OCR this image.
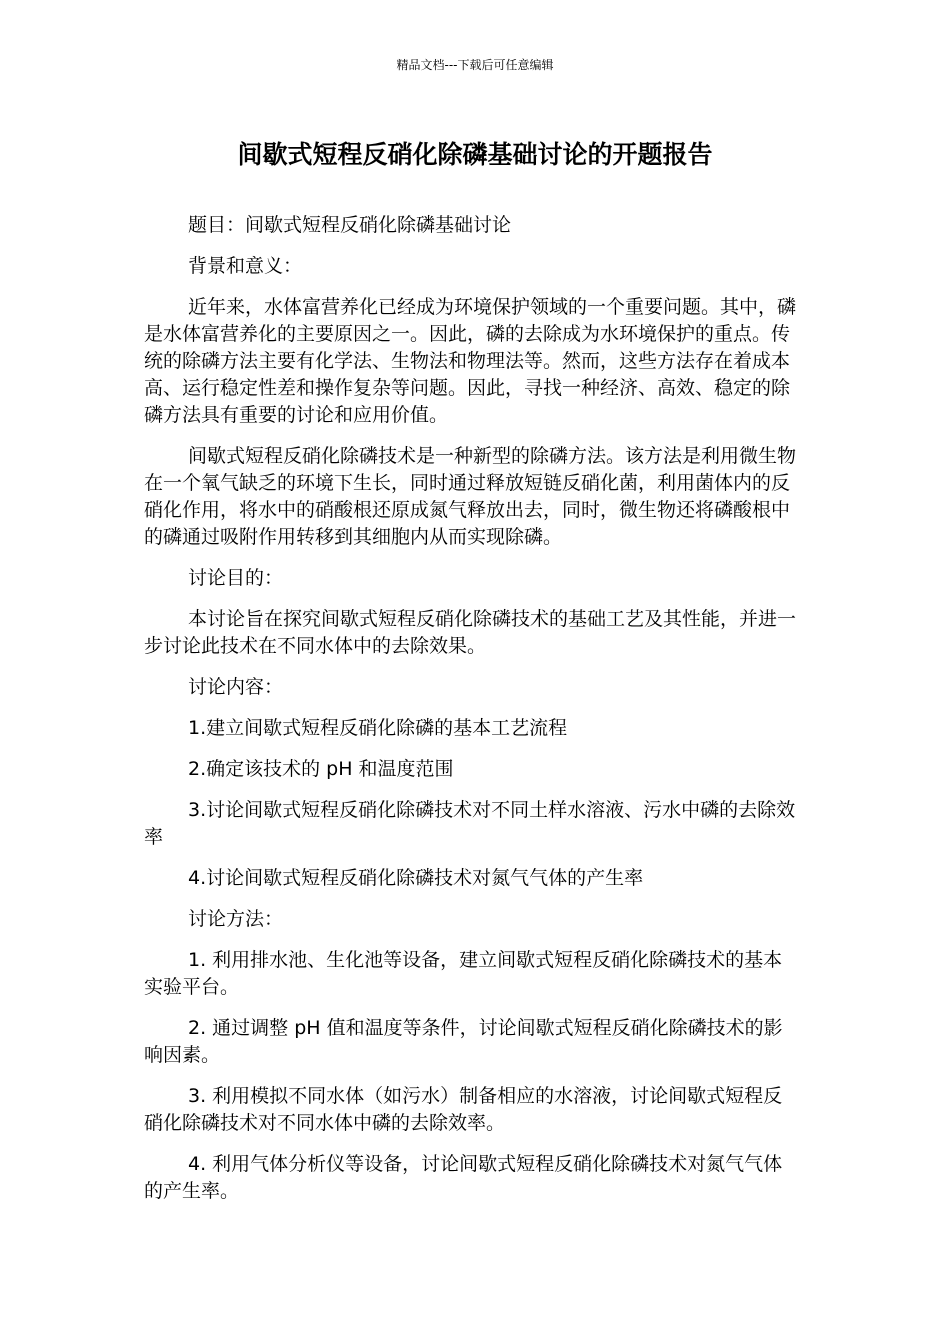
精品文档---下载后可任意编辑
间歇式短程反硝化除磷基础讨论的开题报告

题目：间歇式短程反硝化除磷基础讨论

背景和意义：

近年来，水体富营养化已经成为环境保护领域的一个重要问题。其中，磷是水体富营养化的主要原因之一。因此，磷的去除成为水环境保护的重点。传统的除磷方法主要有化学法、生物法和物理法等。然而，这些方法存在着成本高、运行稳定性差和操作复杂等问题。因此，寻找一种经济、高效、稳定的除磷方法具有重要的讨论和应用价值。

间歇式短程反硝化除磷技术是一种新型的除磷方法。该方法是利用微生物在一个氧气缺乏的环境下生长，同时通过释放短链反硝化菌，利用菌体内的反硝化作用，将水中的硝酸根还原成氮气释放出去，同时，微生物还将磷酸根中的磷通过吸附作用转移到其细胞内从而实现除磷。

讨论目的：

本讨论旨在探究间歇式短程反硝化除磷技术的基础工艺及其性能，并进一步讨论此技术在不同水体中的去除效果。

讨论内容：

1.建立间歇式短程反硝化除磷的基本工艺流程

2.确定该技术的 pH 和温度范围

3.讨论间歇式短程反硝化除磷技术对不同土样水溶液、污水中磷的去除效率

4.讨论间歇式短程反硝化除磷技术对氮气气体的产生率

讨论方法：

1. 利用排水池、生化池等设备，建立间歇式短程反硝化除磷技术的基本实验平台。

2. 通过调整 pH 值和温度等条件，讨论间歇式短程反硝化除磷技术的影响因素。

3. 利用模拟不同水体（如污水）制备相应的水溶液，讨论间歇式短程反硝化除磷技术对不同水体中磷的去除效率。

4. 利用气体分析仪等设备，讨论间歇式短程反硝化除磷技术对氮气气体的产生率。
